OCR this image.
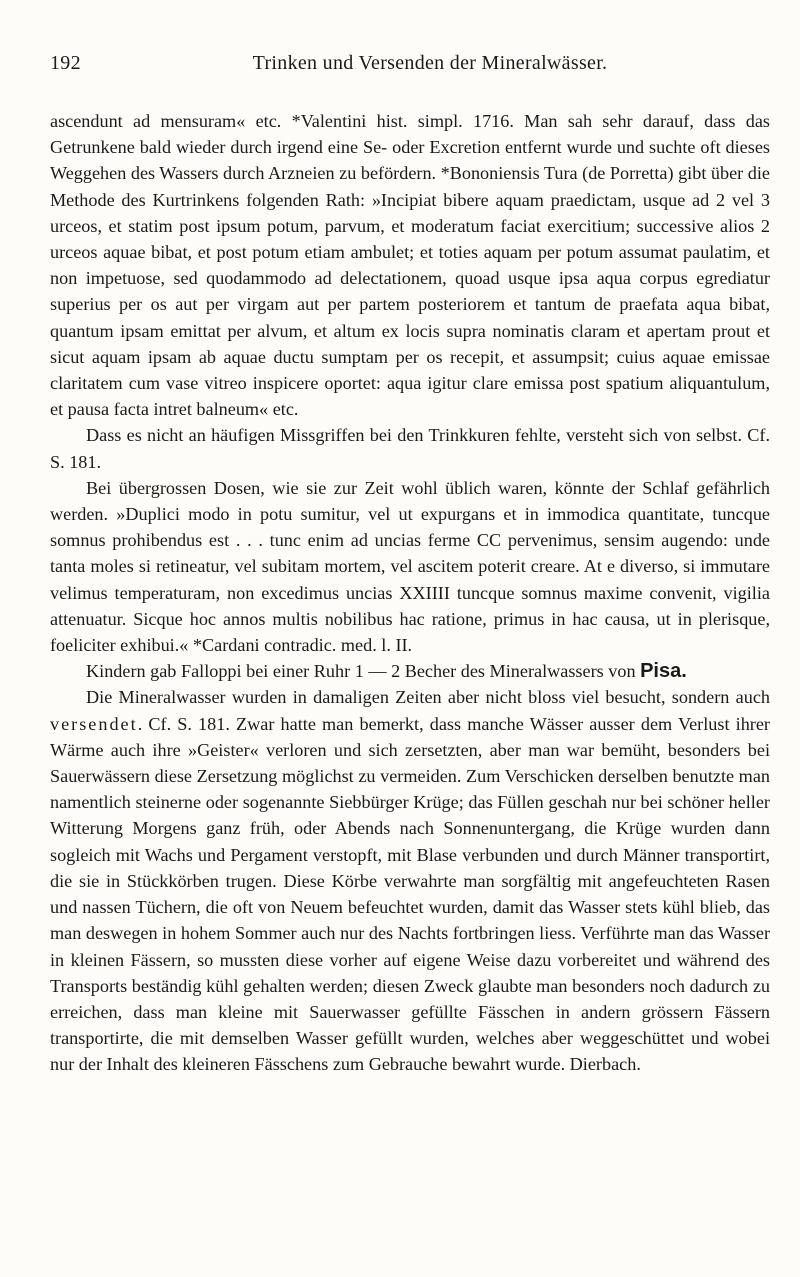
192	Trinken und Versenden der Mineralwässer.

ascendunt ad mensuram« etc. *Valentini hist. simpl. 1716. Man sah sehr darauf, dass das Getrunkene bald wieder durch irgend eine Se- oder Excretion entfernt wurde und suchte oft dieses Weggehen des Wassers durch Arzneien zu befördern. *Bononiensis Tura (de Porretta) gibt über die Methode des Kurtrinkens folgenden Rath: »Incipiat bibere aquam praedictam, usque ad 2 vel 3 urceos, et statim post ipsum potum, parvum, et moderatum faciat exercitium; successive alios 2 urceos aquae bibat, et post potum etiam ambulet; et toties aquam per potum assumat paulatim, et non impetuose, sed quodammodo ad delectationem, quoad usque ipsa aqua corpus egrediatur superius per os aut per virgam aut per partem posteriorem et tantum de praefata aqua bibat, quantum ipsam emittat per alvum, et altum ex locis supra nominatis claram et apertam prout et sicut aquam ipsam ab aquae ductu sumptam per os recepit, et assumpsit; cuius aquae emissae claritatem cum vase vitreo inspicere oportet: aqua igitur clare emissa post spatium aliquantulum, et pausa facta intret balneum« etc.

Dass es nicht an häufigen Missgriffen bei den Trinkkuren fehlte, versteht sich von selbst. Cf. S. 181.

Bei übergrossen Dosen, wie sie zur Zeit wohl üblich waren, könnte der Schlaf gefährlich werden. »Duplici modo in potu sumitur, vel ut expurgans et in immodica quantitate, tuncque somnus prohibendus est . . . tunc enim ad uncias ferme CC pervenimus, sensim augendo: unde tanta moles si retineatur, vel subitam mortem, vel ascitem poterit creare. At e diverso, si immutare velimus temperaturam, non excedimus uncias XXIIII tuncque somnus maxime convenit, vigilia attenuatur. Sicque hoc annos multis nobilibus hac ratione, primus in hac causa, ut in plerisque, foeliciter exhibui.« *Cardani contradic. med. l. II.

Kindern gab Falloppi bei einer Ruhr 1 — 2 Becher des Mineralwassers von Pisa.

Die Mineralwasser wurden in damaligen Zeiten aber nicht bloss viel besucht, sondern auch versendet. Cf. S. 181. Zwar hatte man bemerkt, dass manche Wässer ausser dem Verlust ihrer Wärme auch ihre »Geister« verloren und sich zersetzten, aber man war bemüht, besonders bei Sauerwässern diese Zersetzung möglichst zu vermeiden. Zum Verschicken derselben benutzte man namentlich steinerne oder sogenannte Siebbürger Krüge; das Füllen geschah nur bei schöner heller Witterung Morgens ganz früh, oder Abends nach Sonnenuntergang, die Krüge wurden dann sogleich mit Wachs und Pergament verstopft, mit Blase verbunden und durch Männer transportirt, die sie in Stückkörben trugen. Diese Körbe verwahrte man sorgfältig mit angefeuchteten Rasen und nassen Tüchern, die oft von Neuem befeuchtet wurden, damit das Wasser stets kühl blieb, das man deswegen in hohem Sommer auch nur des Nachts fortbringen liess. Verführte man das Wasser in kleinen Fässern, so mussten diese vorher auf eigene Weise dazu vorbereitet und während des Transports beständig kühl gehalten werden; diesen Zweck glaubte man besonders noch dadurch zu erreichen, dass man kleine mit Sauerwasser gefüllte Fässchen in andern grössern Fässern transportirte, die mit demselben Wasser gefüllt wurden, welches aber weggeschüttet und wobei nur der Inhalt des kleineren Fässchens zum Gebrauche bewahrt wurde. Dierbach.
